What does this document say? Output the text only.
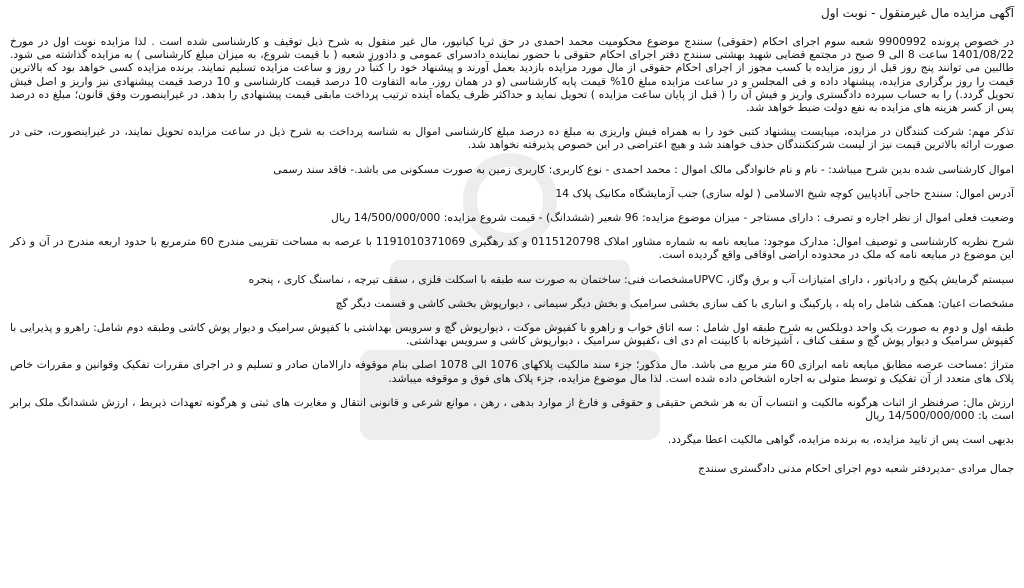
آگهی مزایده مال غیرمنقول - نوبت اول
در خصوص پرونده 9900992 شعبه سوم اجرای احکام (حقوقی) سنندج موضوع محکومیت محمد احمدی در حق ثریا کیانپور، مال غیر منقول به شرح ذیل توقیف و کارشناسی شده است . لذا مزایده نوبت اول در مورخ 1401/08/22 ساعت 8 الی 9 صبح در مجتمع قضایی شهید بهشتی سنندج دفتر اجرای احکام حقوقی با حضور نماینده دادسرای عمومی و دادورز شعبه ( با قیمت شروع، به میزان مبلغ کارشناسی ) به مزایده گذاشته می شود. طالبین می توانند پنج روز قبل از روز مزایده با کسب مجوز از اجرای احکام حقوقی از مال مورد مزایده بازدید بعمل آورند و پیشنهاد خود را کتباً در روز و ساعت مزایده تسلیم نمایند. برنده مزایده کسی خواهد بود که بالاترین قیمت را روز برگزاری مزایده، پیشنهاد داده و فی المجلس و در ساعت مزایده مبلغ 10% قیمت پایه کارشناسی (و در همان روز، مابه التفاوت 10 درصد قیمت کارشناسی و 10 درصد قیمت پیشنهادی نیز واریز و اصل فیش تحویل گردد.) را به حساب سپرده دادگستری واریز و فیش آن را ( قبل از پایان ساعت مزایده ) تحویل نماید و حداکثر ظرف یکماه آینده ترتیب پرداخت مابقی قیمت پیشنهادی را بدهد. در غیراینصورت وفق قانون؛ مبلغ ده درصد پس از کسر هزینه های مزایده به نفع دولت ضبط خواهد شد.
تذکر مهم: شرکت کنندگان در مزایده، میبایست پیشنهاد کتبی خود را به همراه فیش واریزی به مبلغ ده درصد مبلغ کارشناسی اموال به شناسه پرداخت به شرح ذیل در ساعت مزایده تحویل نمایند، در غیراینصورت، حتی در صورت ارائه بالاترین قیمت نیز از لیست شرکتکنندگان حذف خواهند شد و هیچ اعتراضی در این خصوص پذیرفته نخواهد شد.
اموال کارشناسی شده بدین شرح میباشد: - نام و نام خانوادگی مالک اموال : محمد احمدی - نوع کاربری: کاربری زمین به صورت مسکونی می باشد.- فاقد سند رسمی
آدرس اموال: سنندج حاجی آبادپایین کوچه شیخ الاسلامی ( لوله سازی) جنب آزمایشگاه مکانیک پلاک 14
وضعیت فعلی اموال از نظر اجاره و تصرف : دارای مستاجر - میزان موضوع مزایده: 96 شعیر (ششدانگ) - قیمت شروع مزایده: 14/500/000/000 ریال
شرح نظریه کارشناسی و توصیف اموال: مدارک موجود: مبایعه نامه به شماره مشاور املاک 0115120798 و کد رهگیری 1191010371069 با عرصه به مساحت تقریبی مندرج 60 مترمربع با حدود اربعه مندرج در آن و ذکر این موضوع در مبایعه نامه که ملک در محدوده اراضی اوقافی واقع گردیده است.
سیستم گرمایش پکیج و رادیاتور ، دارای امتیازات آب و برق وگاز، UPVCمشخصات فنی: ساختمان به صورت سه طبقه با اسکلت فلزی ، سقف تیرچه ، نماسنگ کاری ، پنجره
مشخصات اعیان: همکف شامل راه پله ، پارکینگ و انباری با کف سازی بخشی سرامیک و بخش دیگر سیمانی ، دیوارپوش بخشی کاشی و قسمت دیگر گچ
طبقه اول و دوم به صورت یک واحد دوبلکس به شرح طبقه اول شامل : سه اتاق خواب و راهرو با کفپوش موکت ، دیوارپوش گچ و سرویس بهداشتی با کفپوش سرامیک و دیوار پوش کاشی وطبقه دوم شامل: راهرو و پذیرایی با کفپوش سرامیک و دیوار پوش گچ و سقف کناف ، آشپزخانه با کابینت ام دی اف ،کفپوش سرامیک ، دیوارپوش کاشی و سرویس بهداشتی.
متراژ :مساحت عرصه مطابق مبایعه نامه ابرازی 60 متر مربع می باشد. مال مذکور؛ جزء سند مالکیت پلاکهای 1076 الی 1078 اصلی بنام موقوفه دارالامان صادر و تسلیم و در اجرای مقررات تفکیک وقوانین و مقررات خاص پلاک های متعدد از آن تفکیک و توسط متولی به اجاره اشخاص داده شده است. لذا مال موضوع مزایده، جزء پلاک های فوق و موقوفه میباشد.
ارزش مال: صرفنظر از اثبات هرگونه مالکیت و انتساب آن به هر شخص حقیقی و حقوقی و فارغ از موارد بدهی ، رهن ، موانع شرعی و قانونی انتقال و مغایرت های ثبتی و هرگونه تعهدات ذیربط ، ارزش ششدانگ ملک برابر است با: 14/500/000/000 ریال
بدیهی است پس از تایید مزایده، به برنده مزایده، گواهی مالکیت اعطا میگردد.
جمال مرادی -مدیردفتر شعبه دوم اجرای احکام مدنی دادگستری سنندج
